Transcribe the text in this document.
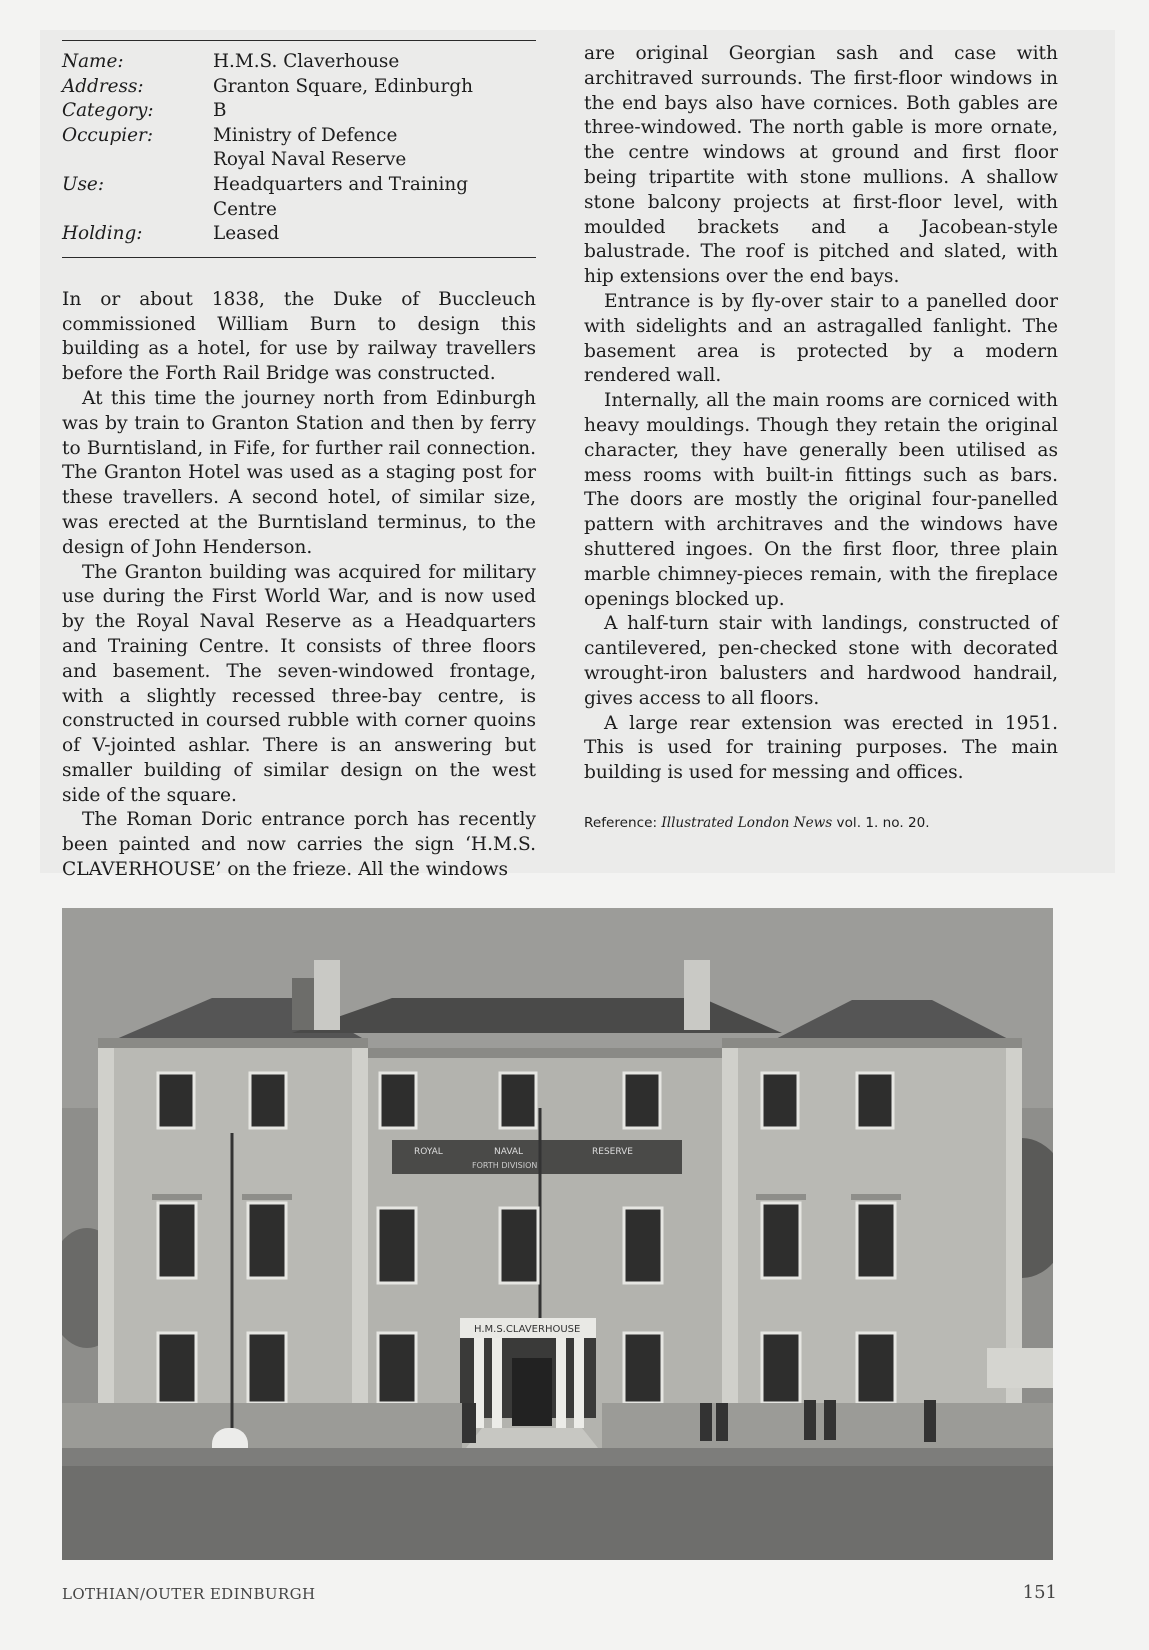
Name:	H.M.S. Claverhouse
Address:	Granton Square, Edinburgh
Category:	B
Occupier:	Ministry of Defence
	Royal Naval Reserve
Use:	Headquarters and Training Centre
Holding:	Leased

In or about 1838, the Duke of Buccleuch commissioned William Burn to design this building as a hotel, for use by railway travellers before the Forth Rail Bridge was constructed.

At this time the journey north from Edinburgh was by train to Granton Station and then by ferry to Burntisland, in Fife, for further rail connection. The Granton Hotel was used as a staging post for these travellers. A second hotel, of similar size, was erected at the Burntisland terminus, to the design of John Henderson.

The Granton building was acquired for military use during the First World War, and is now used by the Royal Naval Reserve as a Headquarters and Training Centre. It consists of three floors and basement. The seven-windowed frontage, with a slightly recessed three-bay centre, is constructed in coursed rubble with corner quoins of V-jointed ashlar. There is an answering but smaller building of similar design on the west side of the square.

The Roman Doric entrance porch has recently been painted and now carries the sign ‘H.M.S. CLAVERHOUSE’ on the frieze. All the windows

are original Georgian sash and case with architraved surrounds. The first-floor windows in the end bays also have cornices. Both gables are three-windowed. The north gable is more ornate, the centre windows at ground and first floor being tripartite with stone mullions. A shallow stone balcony projects at first-floor level, with moulded brackets and a Jacobean-style balustrade. The roof is pitched and slated, with hip extensions over the end bays.

Entrance is by fly-over stair to a panelled door with sidelights and an astragalled fanlight. The basement area is protected by a modern rendered wall.

Internally, all the main rooms are corniced with heavy mouldings. Though they retain the original character, they have generally been utilised as mess rooms with built-in fittings such as bars. The doors are mostly the original four-panelled pattern with architraves and the windows have shuttered ingoes. On the first floor, three plain marble chimney-pieces remain, with the fireplace openings blocked up.

A half-turn stair with landings, constructed of cantilevered, pen-checked stone with decorated wrought-iron balusters and hardwood handrail, gives access to all floors.

A large rear extension was erected in 1951. This is used for training purposes. The main building is used for messing and offices.

Reference: Illustrated London News vol. 1. no. 20.
ROYAL	NAVAL	RESERVE
FORTH DIVISION
H.M.S.CLAVERHOUSE
LOTHIAN/OUTER EDINBURGH	151
